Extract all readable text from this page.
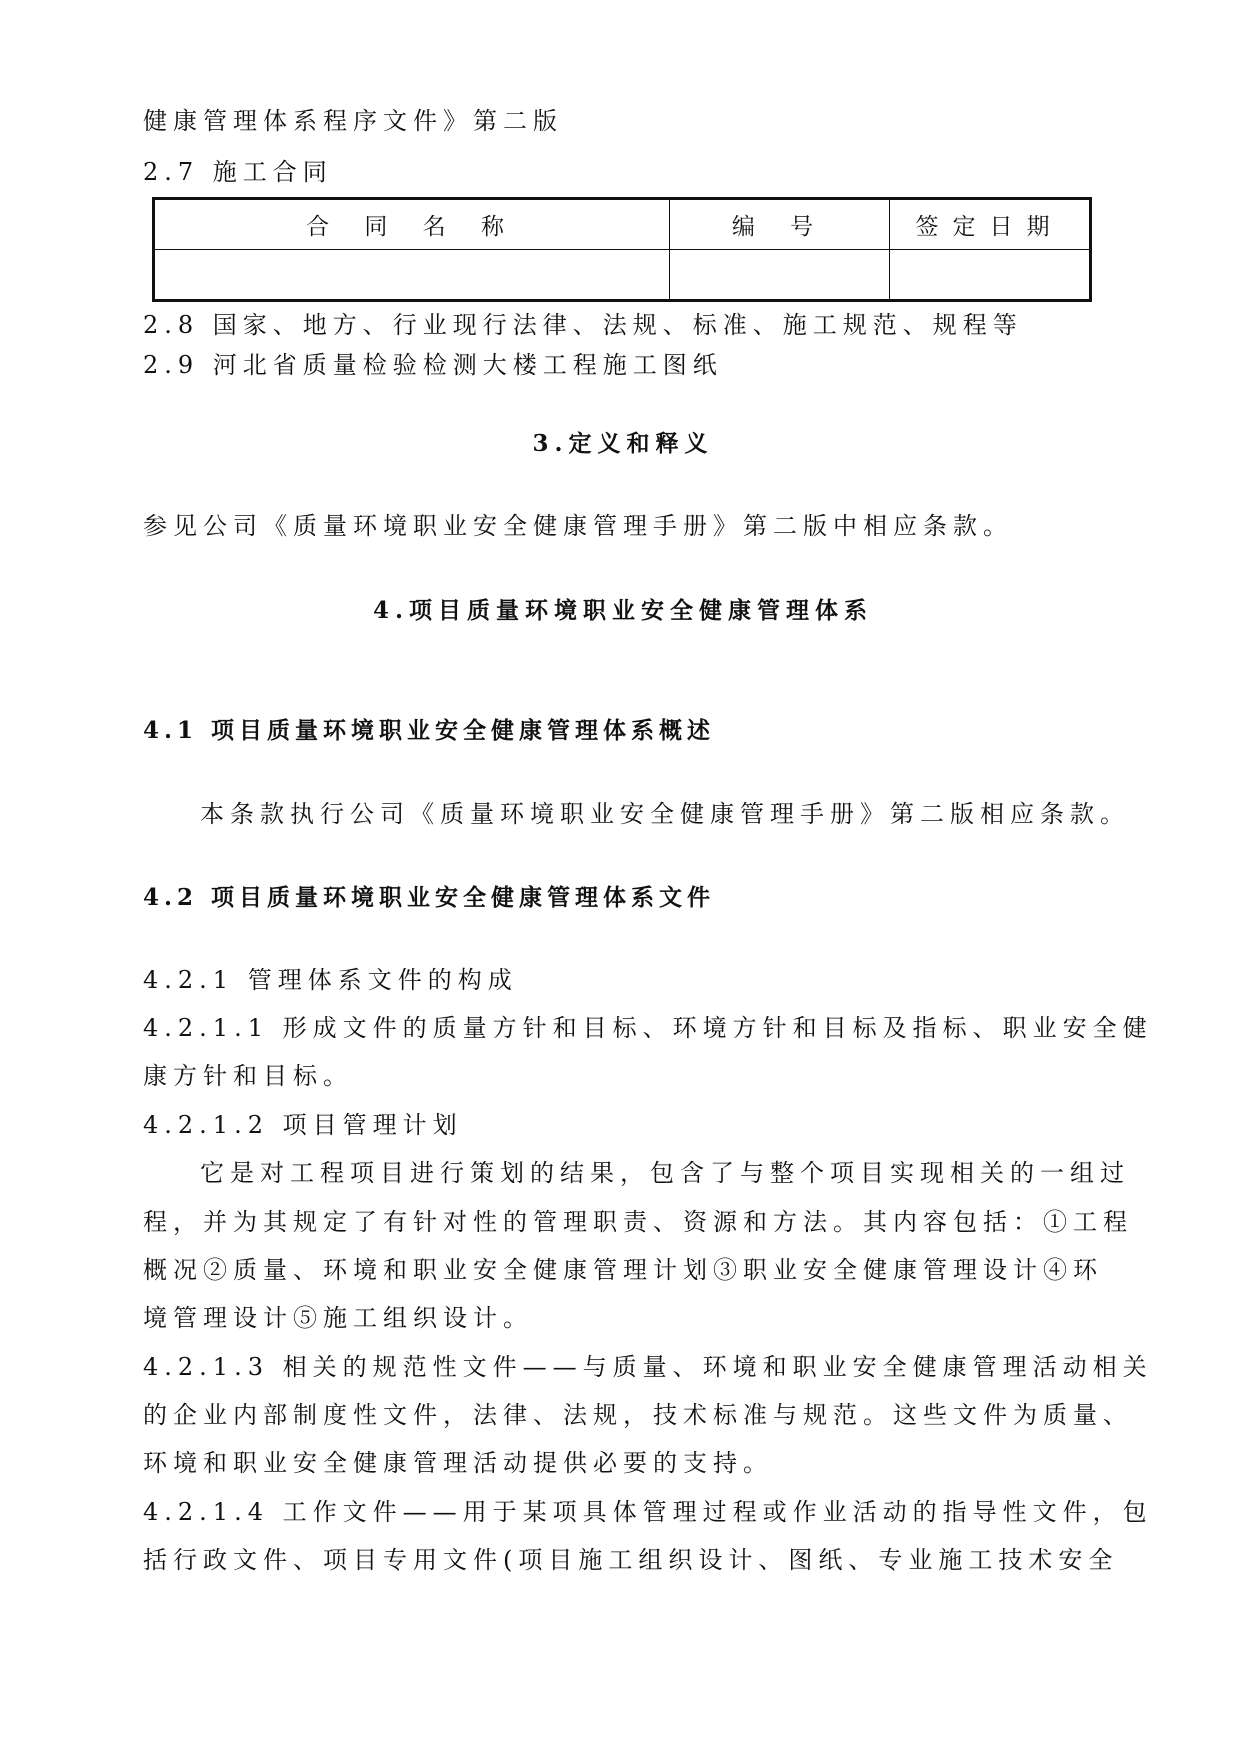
健康管理体系程序文件》第二版
2.7 施工合同
合 同 名 称	编 号	签定日期

2.8 国家、地方、行业现行法律、法规、标准、施工规范、规程等
2.9 河北省质量检验检测大楼工程施工图纸
3.定义和释义
参见公司《质量环境职业安全健康管理手册》第二版中相应条款。
4.项目质量环境职业安全健康管理体系
4.1 项目质量环境职业安全健康管理体系概述
本条款执行公司《质量环境职业安全健康管理手册》第二版相应条款。
4.2 项目质量环境职业安全健康管理体系文件
4.2.1 管理体系文件的构成
4.2.1.1 形成文件的质量方针和目标、环境方针和目标及指标、职业安全健
康方针和目标。
4.2.1.2 项目管理计划
它是对工程项目进行策划的结果，包含了与整个项目实现相关的一组过
程，并为其规定了有针对性的管理职责、资源和方法。其内容包括：①工程
概况②质量、环境和职业安全健康管理计划③职业安全健康管理设计④环
境管理设计⑤施工组织设计。
4.2.1.3 相关的规范性文件——与质量、环境和职业安全健康管理活动相关
的企业内部制度性文件，法律、法规，技术标准与规范。这些文件为质量、
环境和职业安全健康管理活动提供必要的支持。
4.2.1.4 工作文件——用于某项具体管理过程或作业活动的指导性文件，包
括行政文件、项目专用文件(项目施工组织设计、图纸、专业施工技术安全
